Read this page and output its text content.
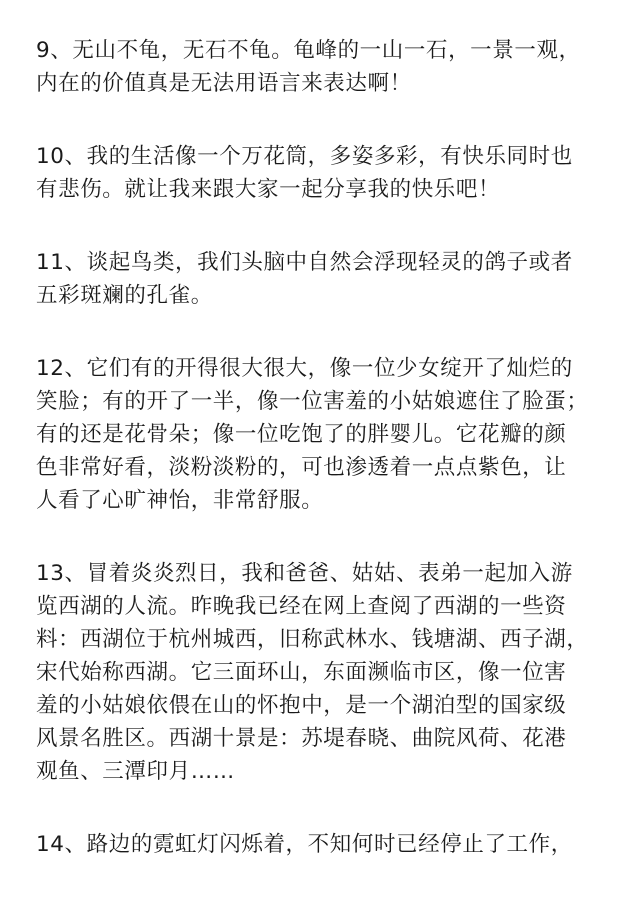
9、无山不龟，无石不龟。龟峰的一山一石，一景一观，
内在的价值真是无法用语言来表达啊！

10、我的生活像一个万花筒，多姿多彩，有快乐同时也
有悲伤。就让我来跟大家一起分享我的快乐吧！

11、谈起鸟类，我们头脑中自然会浮现轻灵的鸽子或者
五彩斑斓的孔雀。

12、它们有的开得很大很大，像一位少女绽开了灿烂的
笑脸；有的开了一半，像一位害羞的小姑娘遮住了脸蛋；
有的还是花骨朵；像一位吃饱了的胖婴儿。它花瓣的颜
色非常好看，淡粉淡粉的，可也渗透着一点点紫色，让
人看了心旷神怡，非常舒服。

13、冒着炎炎烈日，我和爸爸、姑姑、表弟一起加入游
览西湖的人流。昨晚我已经在网上查阅了西湖的一些资
料：西湖位于杭州城西，旧称武林水、钱塘湖、西子湖，
宋代始称西湖。它三面环山，东面濒临市区，像一位害
羞的小姑娘依偎在山的怀抱中，是一个湖泊型的国家级
风景名胜区。西湖十景是：苏堤春晓、曲院风荷、花港
观鱼、三潭印月……

14、路边的霓虹灯闪烁着，不知何时已经停止了工作，
